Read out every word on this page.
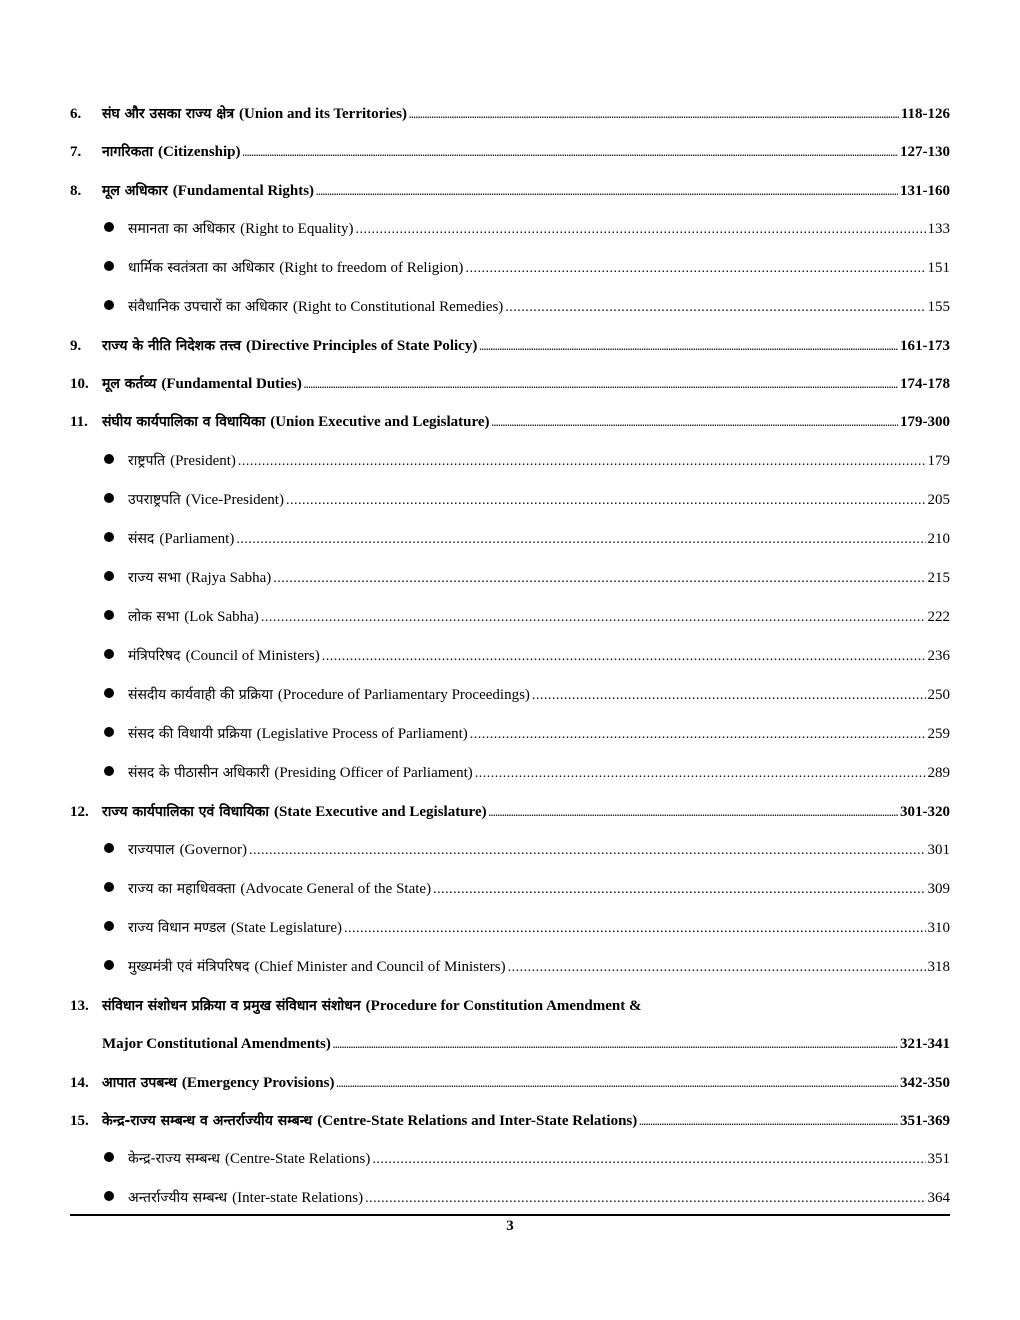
6.	संघ और उसका राज्य क्षेत्र (Union and its Territories) .....	118-126
7.	नागरिकता (Citizenship) .....	127-130
8.	मूल अधिकार (Fundamental Rights) .....	131-160
समानता का अधिकार (Right to Equality) .....	133
धार्मिक स्वतंत्रता का अधिकार (Right to freedom of Religion) .....	151
संवैधानिक उपचारों का अधिकार (Right to Constitutional Remedies) .....	155
9.	राज्य के नीति निदेशक तत्त्व (Directive Principles of State Policy) .....	161-173
10. मूल कर्तव्य (Fundamental Duties) .....	174-178
11.	संघीय कार्यपालिका व विधायिका (Union Executive and Legislature) .....	179-300
राष्ट्रपति (President) .....	179
उपराष्ट्रपति (Vice-President) .....	205
संसद (Parliament) .....	210
राज्य सभा (Rajya Sabha) .....	215
लोक सभा (Lok Sabha) .....	222
मंत्रिपरिषद (Council of Ministers) .....	236
संसदीय कार्यवाही की प्रक्रिया (Procedure of Parliamentary Proceedings) .....	250
संसद की विधायी प्रक्रिया (Legislative Process of Parliament) .....	259
संसद के पीठासीन अधिकारी (Presiding Officer of Parliament) .....	289
12. राज्य कार्यपालिका एवं विधायिका (State Executive and Legislature) .....	301-320
राज्यपाल (Governor) .....	301
राज्य का महाधिवक्ता (Advocate General of the State) .....	309
राज्य विधान मण्डल (State Legislature) .....	310
मुख्यमंत्री एवं मंत्रिपरिषद (Chief Minister and Council of Ministers) .....	318
13. संविधान संशोधन प्रक्रिया व प्रमुख संविधान संशोधन (Procedure for Constitution Amendment &
Major Constitutional Amendments) .....	321-341
14. आपात उपबन्ध (Emergency Provisions) .....	342-350
15. केन्द्र-राज्य सम्बन्ध व अन्तर्राज्यीय सम्बन्ध (Centre-State Relations and Inter-State Relations) .....	351-369
केन्द्र-राज्य सम्बन्ध (Centre-State Relations) .....	351
अन्तर्राज्यीय सम्बन्ध (Inter-state Relations) .....	364
3
